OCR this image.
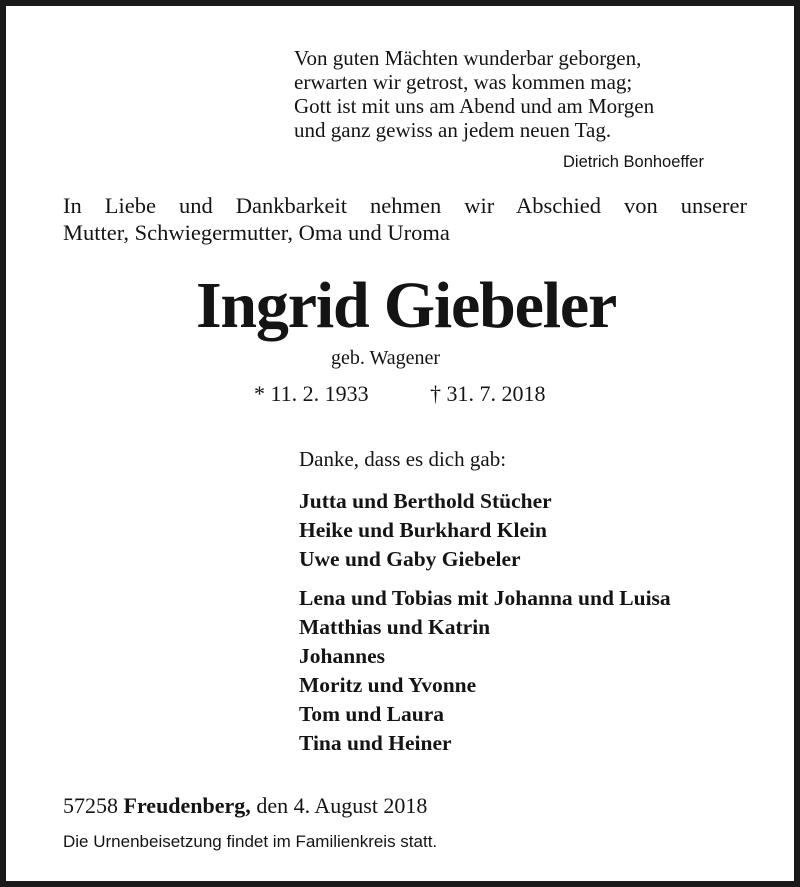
Von guten Mächten wunderbar geborgen,
erwarten wir getrost, was kommen mag;
Gott ist mit uns am Abend und am Morgen
und ganz gewiss an jedem neuen Tag.
Dietrich Bonhoeffer
In Liebe und Dankbarkeit nehmen wir Abschied von unserer
Mutter, Schwiegermutter, Oma und Uroma
Ingrid Giebeler
geb. Wagener
* 11. 2. 1933	† 31. 7. 2018
Danke, dass es dich gab:
Jutta und Berthold Stücher
Heike und Burkhard Klein
Uwe und Gaby Giebeler
Lena und Tobias mit Johanna und Luisa
Matthias und Katrin
Johannes
Moritz und Yvonne
Tom und Laura
Tina und Heiner
57258 Freudenberg, den 4. August 2018
Die Urnenbeisetzung findet im Familienkreis statt.
